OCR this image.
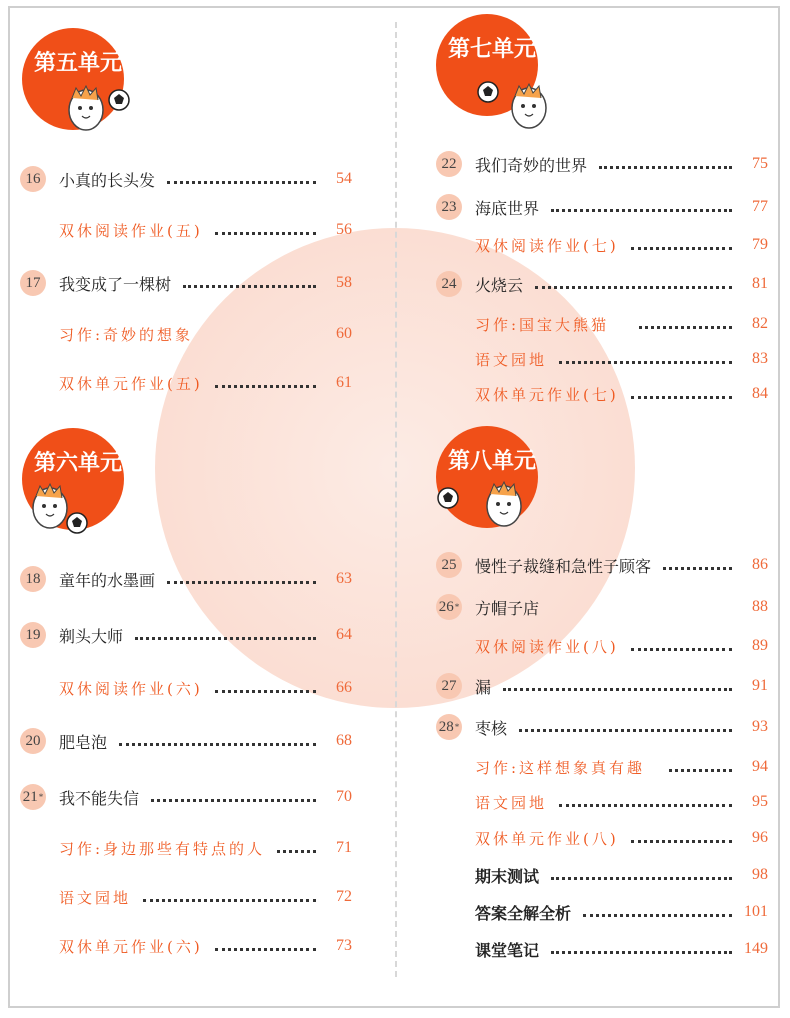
第五单元
第六单元
第七单元
第八单元
16	小真的长头发	54
双休阅读作业(五)	56
17	我变成了一棵树	58
习作:奇妙的想象	60
双休单元作业(五)	61
18	童年的水墨画	63
19	剃头大师	64
双休阅读作业(六)	66
20	肥皂泡	68
21 * 我不能失信	70
习作:身边那些有特点的人	71
语文园地	72
双休单元作业(六)	73
22	我们奇妙的世界	75
23	海底世界	77
双休阅读作业(七)	79
24	火烧云	81
习作:国宝大熊猫	82
语文园地	83
双休单元作业(七)	84
25	慢性子裁缝和急性子顾客	86
26 * 方帽子店	88
双休阅读作业(八)	89
27	漏	91
28 * 枣核	93
习作:这样想象真有趣	94
语文园地	95
双休单元作业(八)	96
期末测试	98
答案全解全析	101
课堂笔记	149
